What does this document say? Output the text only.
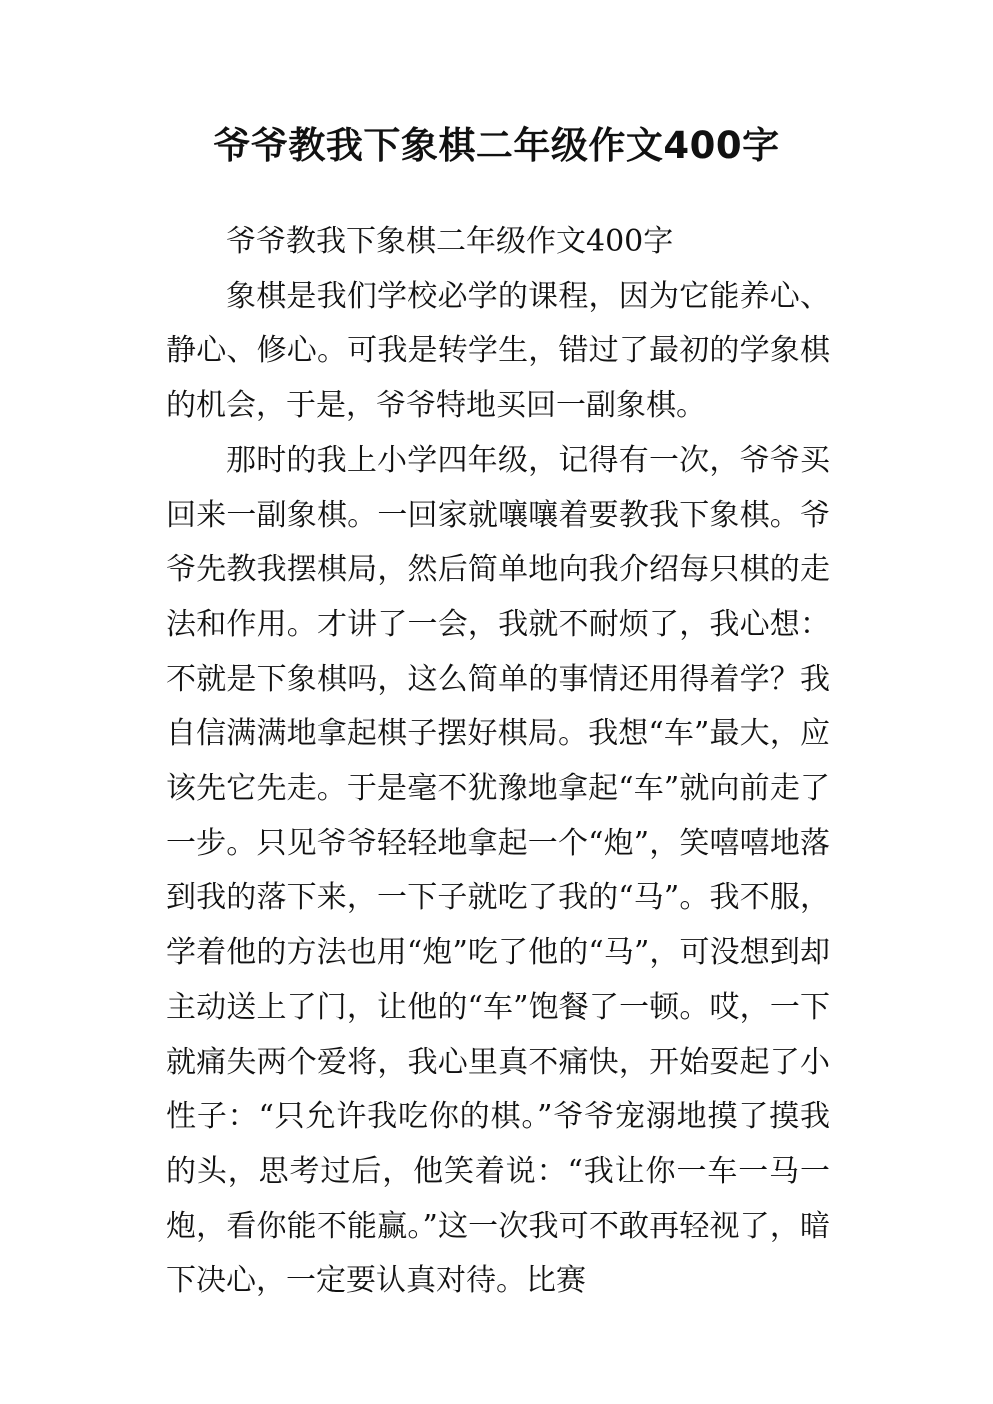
爷爷教我下象棋二年级作文400字

爷爷教我下象棋二年级作文400字

象棋是我们学校必学的课程，因为它能养心、静心、修心。可我是转学生，错过了最初的学象棋的机会，于是，爷爷特地买回一副象棋。

那时的我上小学四年级，记得有一次，爷爷买回来一副象棋。一回家就嚷嚷着要教我下象棋。爷爷先教我摆棋局，然后简单地向我介绍每只棋的走法和作用。才讲了一会，我就不耐烦了，我心想：不就是下象棋吗，这么简单的事情还用得着学？我自信满满地拿起棋子摆好棋局。我想“车”最大，应该先它先走。于是毫不犹豫地拿起“车”就向前走了一步。只见爷爷轻轻地拿起一个“炮”，笑嘻嘻地落到我的落下来，一下子就吃了我的“马”。我不服，学着他的方法也用“炮”吃了他的“马”，可没想到却主动送上了门，让他的“车”饱餐了一顿。哎，一下就痛失两个爱将，我心里真不痛快，开始耍起了小性子：“只允许我吃你的棋。”爷爷宠溺地摸了摸我的头，思考过后，他笑着说：“我让你一车一马一炮，看你能不能赢。”这一次我可不敢再轻视了，暗下决心，一定要认真对待。比赛
